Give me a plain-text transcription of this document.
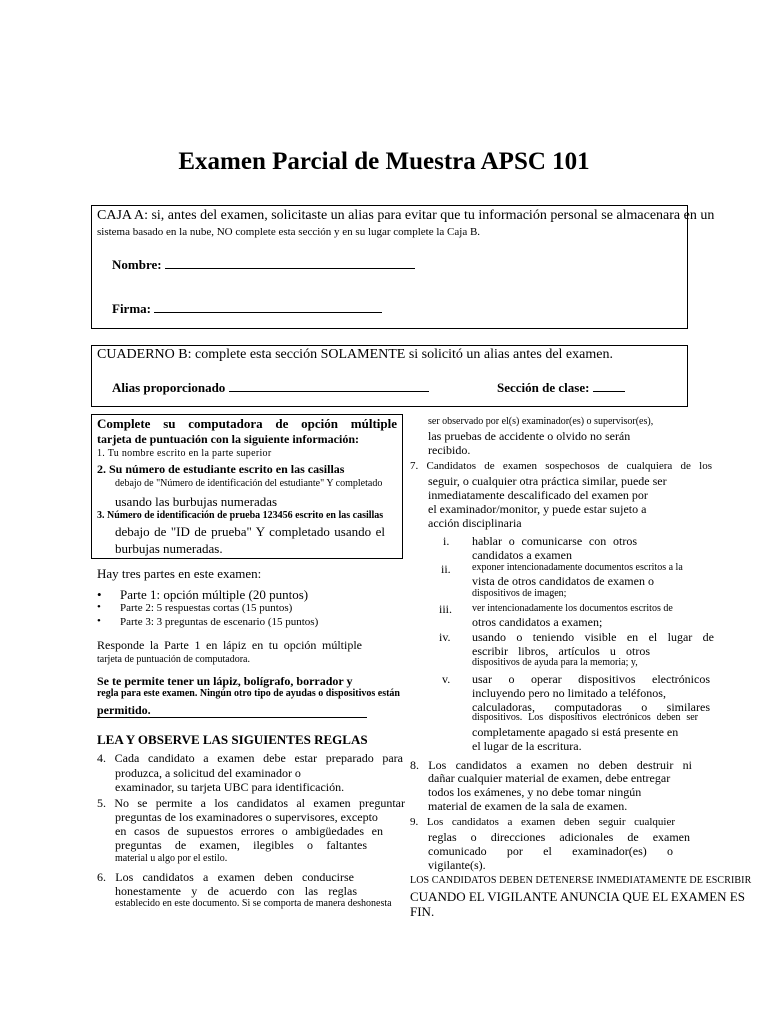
Examen Parcial de Muestra APSC 101
CAJA A: si, antes del examen, solicitaste un alias para evitar que tu información personal se almacenara en un
sistema basado en la nube, NO complete esta sección y en su lugar complete la Caja B.
Nombre:
Firma:
CUADERNO B: complete esta sección SOLAMENTE si solicitó un alias antes del examen.
Alias proporcionado	Sección de clase:
Complete su computadora de opción múltiple
tarjeta de puntuación con la siguiente información:
1. Tu nombre escrito en la parte superior
2. Su número de estudiante escrito en las casillas
debajo de "Número de identificación del estudiante" Y completado
usando las burbujas numeradas
3. Número de identificación de prueba 123456 escrito en las casillas
debajo de "ID de prueba" Y completado usando el
burbujas numeradas.
Hay tres partes en este examen:
• Parte 1: opción múltiple (20 puntos)
• Parte 2: 5 respuestas cortas (15 puntos)
• Parte 3: 3 preguntas de escenario (15 puntos)
Responde la Parte 1 en lápiz en tu opción múltiple
tarjeta de puntuación de computadora.
Se te permite tener un lápiz, bolígrafo, borrador y
regla para este examen. Ningún otro tipo de ayudas o dispositivos están
permitido.
LEA Y OBSERVE LAS SIGUIENTES REGLAS
4. Cada candidato a examen debe estar preparado para
produzca, a solicitud del examinador o
examinador, su tarjeta UBC para identificación.
5. No se permite a los candidatos al examen preguntar
preguntas de los examinadores o supervisores, excepto
en casos de supuestos errores o ambigüedades en
preguntas de examen, ilegibles o faltantes
material u algo por el estilo.
6. Los candidatos a examen deben conducirse
honestamente y de acuerdo con las reglas
establecido en este documento. Si se comporta de manera deshonesta
ser observado por el(s) examinador(es) o supervisor(es),
las pruebas de accidente o olvido no serán
recibido.
7. Candidatos de examen sospechosos de cualquiera de los
seguir, o cualquier otra práctica similar, puede ser
inmediatamente descalificado del examen por
el examinador/monitor, y puede estar sujeto a
acción disciplinaria
i. hablar o comunicarse con otros
candidatos a examen
ii. exponer intencionadamente documentos escritos a la
vista de otros candidatos de examen o
dispositivos de imagen;
iii. ver intencionadamente los documentos escritos de
otros candidatos a examen;
iv. usando o teniendo visible en el lugar de
escribir libros, artículos u otros
dispositivos de ayuda para la memoria; y,
v. usar o operar dispositivos electrónicos
incluyendo pero no limitado a teléfonos,
calculadoras, computadoras o similares
dispositivos. Los dispositivos electrónicos deben ser
completamente apagado si está presente en
el lugar de la escritura.
8. Los candidatos a examen no deben destruir ni
dañar cualquier material de examen, debe entregar
todos los exámenes, y no debe tomar ningún
material de examen de la sala de examen.
9. Los candidatos a examen deben seguir cualquier
reglas o direcciones adicionales de examen
comunicado por el examinador(es) o
vigilante(s).
LOS CANDIDATOS DEBEN DETENERSE INMEDIATAMENTE DE ESCRIBIR
CUANDO EL VIGILANTE ANUNCIA QUE EL EXAMEN ES
FIN.
